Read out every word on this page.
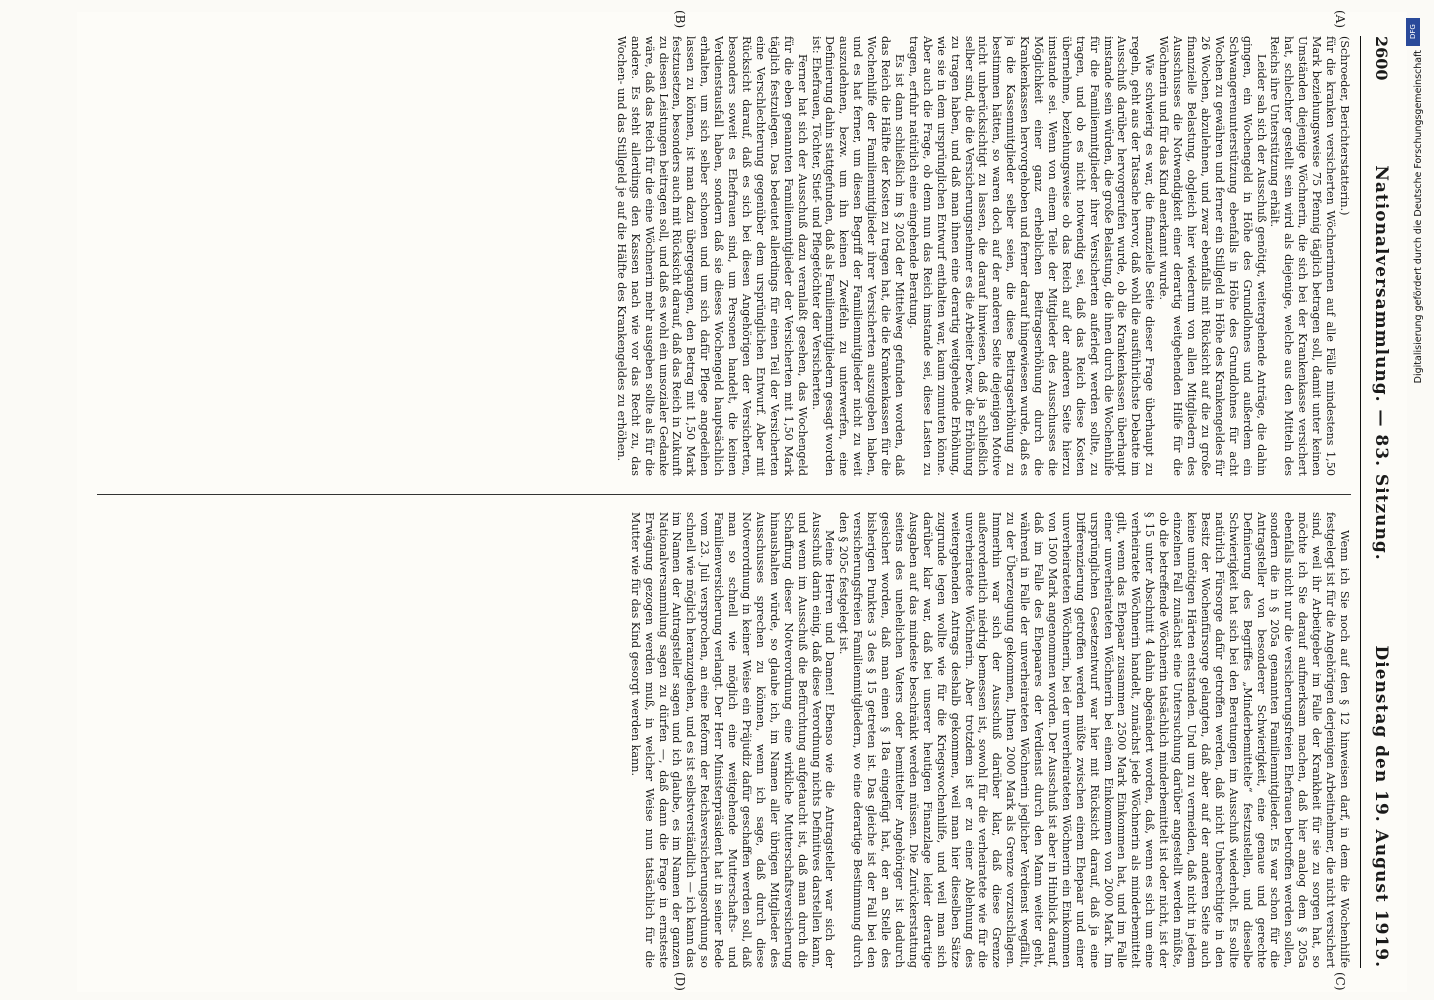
2600
Nationalversammlung. — 83. Sitzung.
Dienstag den 19. August 1919.
(A)
(B)
(C)
(D)

(Schroeder, Berichterstatterin.)

für die kranken versicherten Wöchnerinnen auf alle Fälle mindestens 1,50 Mark beziehungsweise 75 Pfennig täglich betragen soll, damit unter keinen Umständen diejenige Wöchnerin, die sich bei der Krankenkasse versichert hat, schlechter gestellt sein wird als diejenige, welche aus den Mitteln des Reichs ihre Unterstützung erhält.

Leider sah sich der Ausschuß genötigt, weitergehende Anträge, die dahin gingen, ein Wochengeld in Höhe des Grundlohnes und außerdem ein Schwangerenunterstützung ebenfalls in Höhe des Grundlohnes für acht Wochen zu gewähren und ferner ein Stillgeld in Höhe des Krankengeldes für 26 Wochen, abzulehnen, und zwar ebenfalls mit Rücksicht auf die zu große finanzielle Belastung, obgleich hier wiederum von allen Mitgliedern des Ausschusses die Notwendigkeit einer derartig weitgehenden Hilfe für die Wöchnerin und für das Kind anerkannt wurde.

Wie schwierig es war, die finanzielle Seite dieser Frage überhaupt zu regeln, geht aus der Tatsache hervor, daß wohl die ausführlichste Debatte im Ausschuß darüber hervorgerufen wurde, ob die Krankenkassen überhaupt imstande sein würden, die große Belastung, die ihnen durch die Wochenhilfe für die Familienmitglieder ihrer Versicherten auferlegt werden sollte, zu tragen, und ob es nicht notwendig sei, daß das Reich diese Kosten übernehme, beziehungsweise ob das Reich auf der anderen Seite hierzu imstande sei. Wenn von einem Teile der Mitglieder des Ausschusses die Möglichkeit einer ganz erheblichen Beitragserhöhung durch die Krankenkassen hervorgehoben und ferner darauf hingewiesen wurde, daß es ja die Kassenmitglieder selber seien, die diese Beitragserhöhung zu bestimmen hätten, so waren doch auf der anderen Seite diejenigen Motive nicht unberücksichtigt zu lassen, die darauf hinwiesen, daß ja schließlich selber sind, die die Versicherungsnehmer es die Arbeiter bezw. die Erhöhung zu tragen haben, und daß man ihnen eine derartig weitgehende Erhöhung, wie sie in dem ursprünglichen Entwurf enthalten war, kaum zumuten könne. Aber auch die Frage, ob denn nun das Reich imstande sei, diese Lasten zu tragen, erfuhr natürlich eine eingehende Beratung.

Es ist dann schließlich im § 205d der Mittelweg gefunden worden, daß das Reich die Hälfte der Kosten zu tragen hat, die die Krankenkassen für die Wochenhilfe der Familienmitglieder ihrer Versicherten auszugeben haben, und es hat ferner, um diesen Begriff der Familienmitglieder nicht zu weit auszudehnen, bezw. um ihn keinen Zweifeln zu unterwerfen, eine Definierung dahin stattgefunden, daß als Familienmitgliedern gesagt worden ist: Ehefrauen, Töchter, Stief- und Pflegetöchter der Versicherten.

Ferner hat sich der Ausschuß dazu veranlaßt gesehen, das Wochengeld für die eben genannten Familienmitglieder der Versicherten mit 1,50 Mark täglich festzulegen. Das bedeutet allerdings für einen Teil der Versicherten eine Verschlechterung gegenüber dem ursprünglichen Entwurf. Aber mit Rücksicht darauf, daß es sich bei diesen Angehörigen der Versicherten, besonders soweit es Ehefrauen sind, um Personen handelt, die keinen Verdienstausfall haben, sondern daß sie dieses Wochengeld hauptsächlich erhalten, um sich selber schonen und um sich dafür Pflege angedeihen lassen zu können, ist man dazu übergegangen, den Betrag mit 1,50 Mark festzusetzen, besonders auch mit Rücksicht darauf, daß das Reich in Zukunft zu diesen Leistungen beitragen soll, und daß es wohl ein unsozialer Gedanke wäre, daß das Reich für die eine Wöchnerin mehr ausgeben sollte als für die andere. Es steht allerdings den Kassen nach wie vor das Recht zu, das Wochen- und das Stillgeld je auf die Hälfte des Krankengeldes zu erhöhen.

Wenn ich Sie noch auf den § 12 hinweisen darf, in dem die Wochenhilfe festgelegt ist für die Angehörigen derjenigen Arbeitnehmer, die nicht versichert sind, weil ihr Arbeitgeber im Falle der Krankheit für sie zu sorgen hat, so möchte ich Sie darauf aufmerksam machen, daß hier analog dem § 205a ebenfalls nicht nur die versicherungsfreien Ehefrauen betroffen werden sollen, sondern die in § 205a genannten Familienmitglieder. Es war schon für die Antragsteller von besonderer Schwierigkeit, eine genaue und gerechte Definierung des Begriffes „Minderbemittelte“ festzustellen, und dieselbe Schwierigkeit hat sich bei den Beratungen im Ausschuß wiederholt. Es sollte natürlich Fürsorge dafür getroffen werden, daß nicht Unberechtigte in den Besitz der Wochenfürsorge gelangten, daß aber auf der anderen Seite auch keine unnötigen Härten entstanden. Und um zu vermeiden, daß nicht in jedem einzelnen Fall zunächst eine Untersuchung darüber angestellt werden müßte, ob die betreffende Wöchnerin tatsächlich minderbemittelt ist oder nicht, ist der § 15 unter Abschnitt 4 dahin abgeändert worden, daß, wenn es sich um eine verheiratete Wöchnerin handelt, zunächst jede Wöchnerin als minderbemittelt gilt, wenn das Ehepaar zusammen 2500 Mark Einkommen hat, und im Falle einer unverheirateten Wöchnerin bei einem Einkommen von 2000 Mark. Im ursprünglichen Gesetzentwurf war hier mit Rücksicht darauf, daß ja eine Differenzierung getroffen werden müßte zwischen einem Ehepaar und einer unverheirateten Wöchnerin, bei der unverheirateten Wöchnerin ein Einkommen von 1500 Mark angenommen worden. Der Ausschuß ist aber in Hinblick darauf, daß im Falle des Ehepaares der Verdienst durch den Mann weiter geht, während in Falle der unverheirateten Wöchnerin jeglicher Verdienst wegfällt, zu der Überzeugung gekommen, Ihnen 2000 Mark als Grenze vorzuschlagen. Immerhin war sich der Ausschuß darüber klar, daß diese Grenze außerordentlich niedrig bemessen ist, sowohl für die verheiratete wie für die unverheiratete Wöchnerin. Aber trotzdem ist er zu einer Ablehnung des weitergehenden Antrags deshalb gekommen, weil man hier dieselben Sätze zugrunde legen wollte wie für die Kriegswochenhilfe, und weil man sich darüber klar war, daß bei unserer heutigen Finanzlage leider derartige Ausgaben auf das mindeste beschränkt werden müssen. Die Zurückerstattung seitens des unehelichen Vaters oder bemittelter Angehöriger ist dadurch gesichert worden, daß man einen § 18a eingefügt hat, der an Stelle des bisherigen Punktes 3 des § 15 getreten ist. Das gleiche ist der Fall bei den versicherungsfreien Familienmitgliedern, wo eine derartige Bestimmung durch den § 205c festgelegt ist.

Meine Herren und Damen! Ebenso wie die Antragsteller war sich der Ausschuß darin einig, daß diese Verordnung nichts Definitives darstellen kann, und wenn im Ausschuß die Befürchtung aufgetaucht ist, daß man durch die Schaffung dieser Notverordnung eine wirkliche Mutterschaftsversicherung hinaushalten würde, so glaube ich, im Namen aller übrigen Mitglieder des Ausschusses sprechen zu können, wenn ich sage, daß durch diese Notverordnung in keiner Weise ein Präjudiz dafür geschaffen werden soll, daß man so schnell wie möglich eine weitgehende Mutterschafts- und Familienversicherung verlangt. Der Herr Ministerpräsident hat in seiner Rede vom 23. Juli versprochen, an eine Reform der Reichsversicherungsordnung so schnell wie möglich heranzugehen, und es ist selbstverständlich — ich kann das im Namen der Antragsteller sagen und ich glaube, es im Namen der ganzen Nationalversammlung sagen zu dürfen —, daß dann die Frage in ernsteste Erwägung gezogen werden muß, in welcher Weise nun tatsächlich für die Mutter wie für das Kind gesorgt werden kann.

DFG
Digitalisierung gefördert durch die Deutsche Forschungsgemeinschaft
